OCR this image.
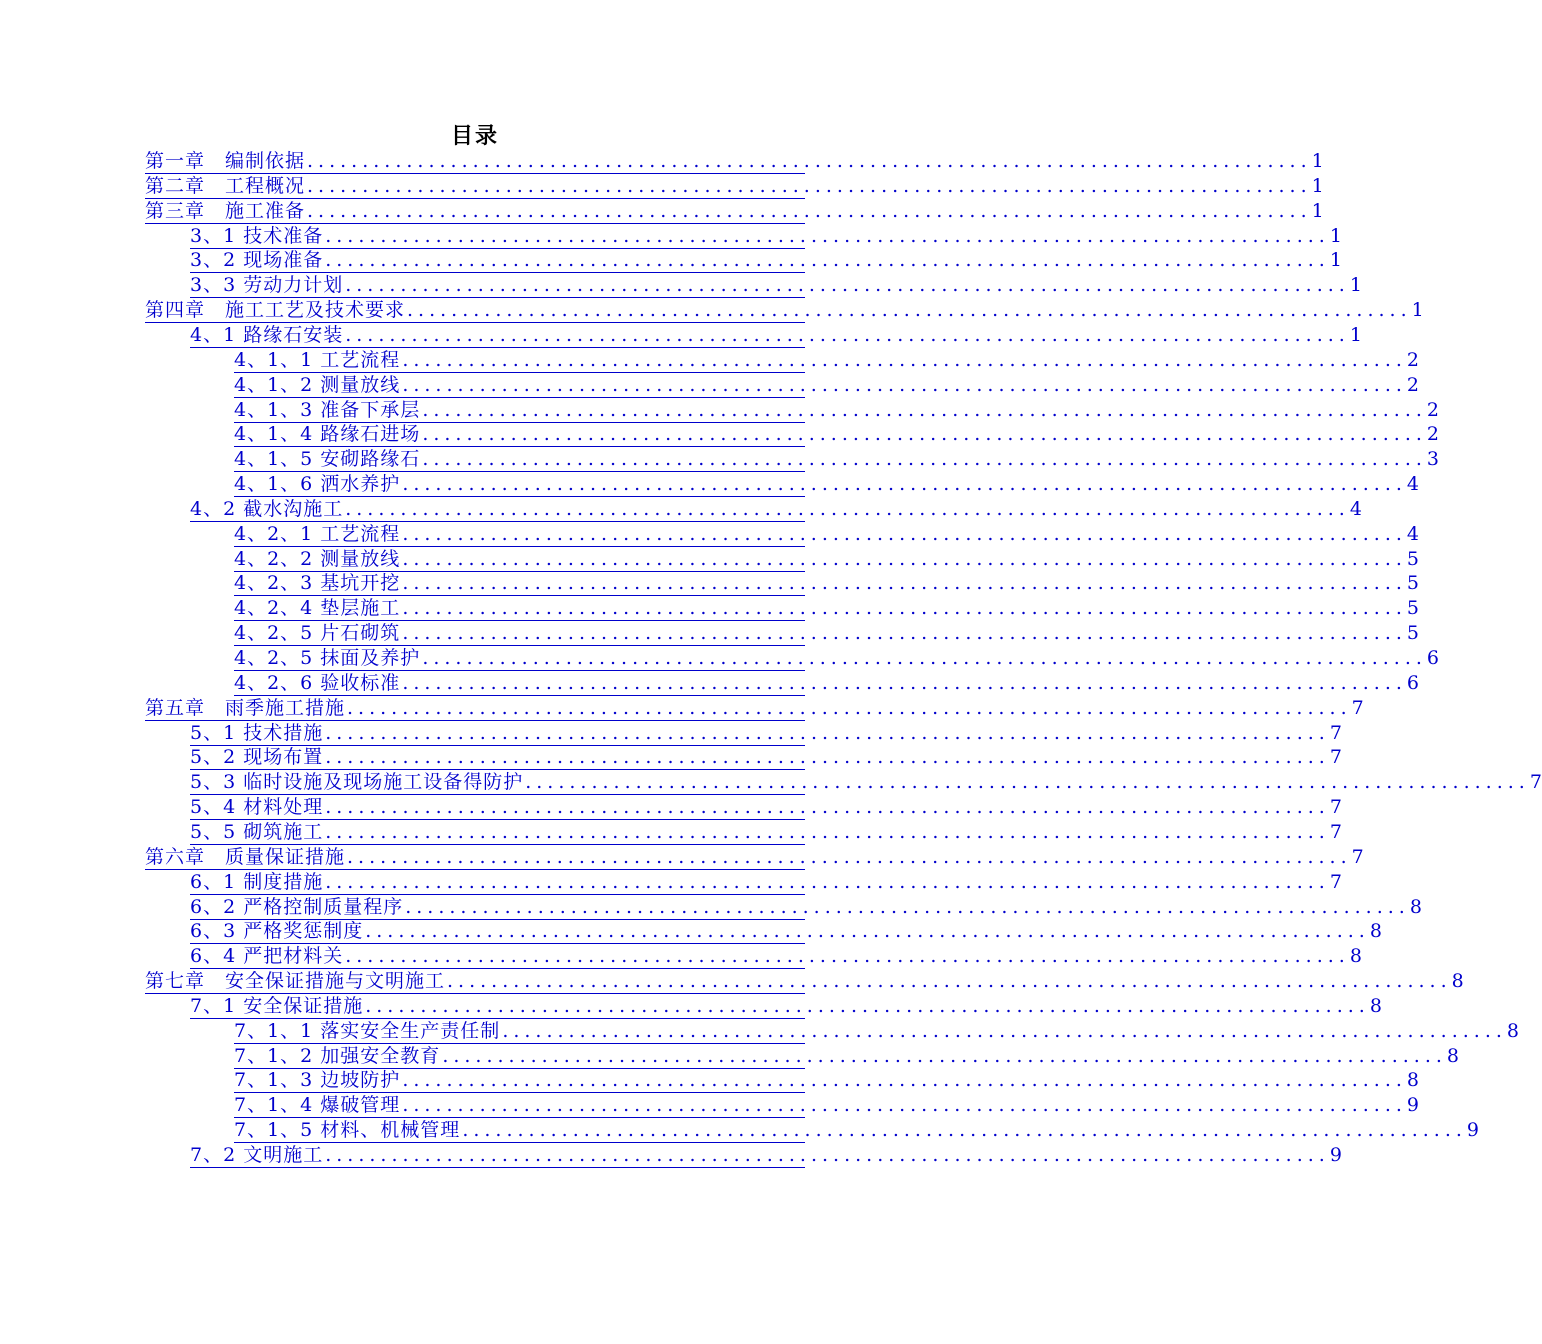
目录
第一章　编制依据 ........................................................................................... 1
第二章　工程概况 ........................................................................................... 1
第三章　施工准备 ........................................................................................... 1
3、1 技术准备 ........................................................................................... 1
3、2 现场准备 ........................................................................................... 1
3、3 劳动力计划 ........................................................................................... 1
第四章　施工工艺及技术要求 ........................................................................................... 1
4、1 路缘石安装 ........................................................................................... 1
4、1、1 工艺流程 ........................................................................................... 2
4、1、2 测量放线 ........................................................................................... 2
4、1、3 准备下承层 ........................................................................................... 2
4、1、4 路缘石进场 ........................................................................................... 2
4、1、5 安砌路缘石 ........................................................................................... 3
4、1、6 洒水养护 ........................................................................................... 4
4、2 截水沟施工 ........................................................................................... 4
4、2、1 工艺流程 ........................................................................................... 4
4、2、2 测量放线 ........................................................................................... 5
4、2、3 基坑开挖 ........................................................................................... 5
4、2、4 垫层施工 ........................................................................................... 5
4、2、5 片石砌筑 ........................................................................................... 5
4、2、5 抹面及养护 ........................................................................................... 6
4、2、6 验收标准 ........................................................................................... 6
第五章　雨季施工措施 ........................................................................................... 7
5、1 技术措施 ........................................................................................... 7
5、2 现场布置 ........................................................................................... 7
5、3 临时设施及现场施工设备得防护 ........................................................................................... 7
5、4 材料处理 ........................................................................................... 7
5、5 砌筑施工 ........................................................................................... 7
第六章　质量保证措施 ........................................................................................... 7
6、1 制度措施 ........................................................................................... 7
6、2 严格控制质量程序 ........................................................................................... 8
6、3 严格奖惩制度 ........................................................................................... 8
6、4 严把材料关 ........................................................................................... 8
第七章　安全保证措施与文明施工 ........................................................................................... 8
7、1 安全保证措施 ........................................................................................... 8
7、1、1 落实安全生产责任制 ........................................................................................... 8
7、1、2 加强安全教育 ........................................................................................... 8
7、1、3 边坡防护 ........................................................................................... 8
7、1、4 爆破管理 ........................................................................................... 9
7、1、5 材料、机械管理 ........................................................................................... 9
7、2 文明施工 ........................................................................................... 9
